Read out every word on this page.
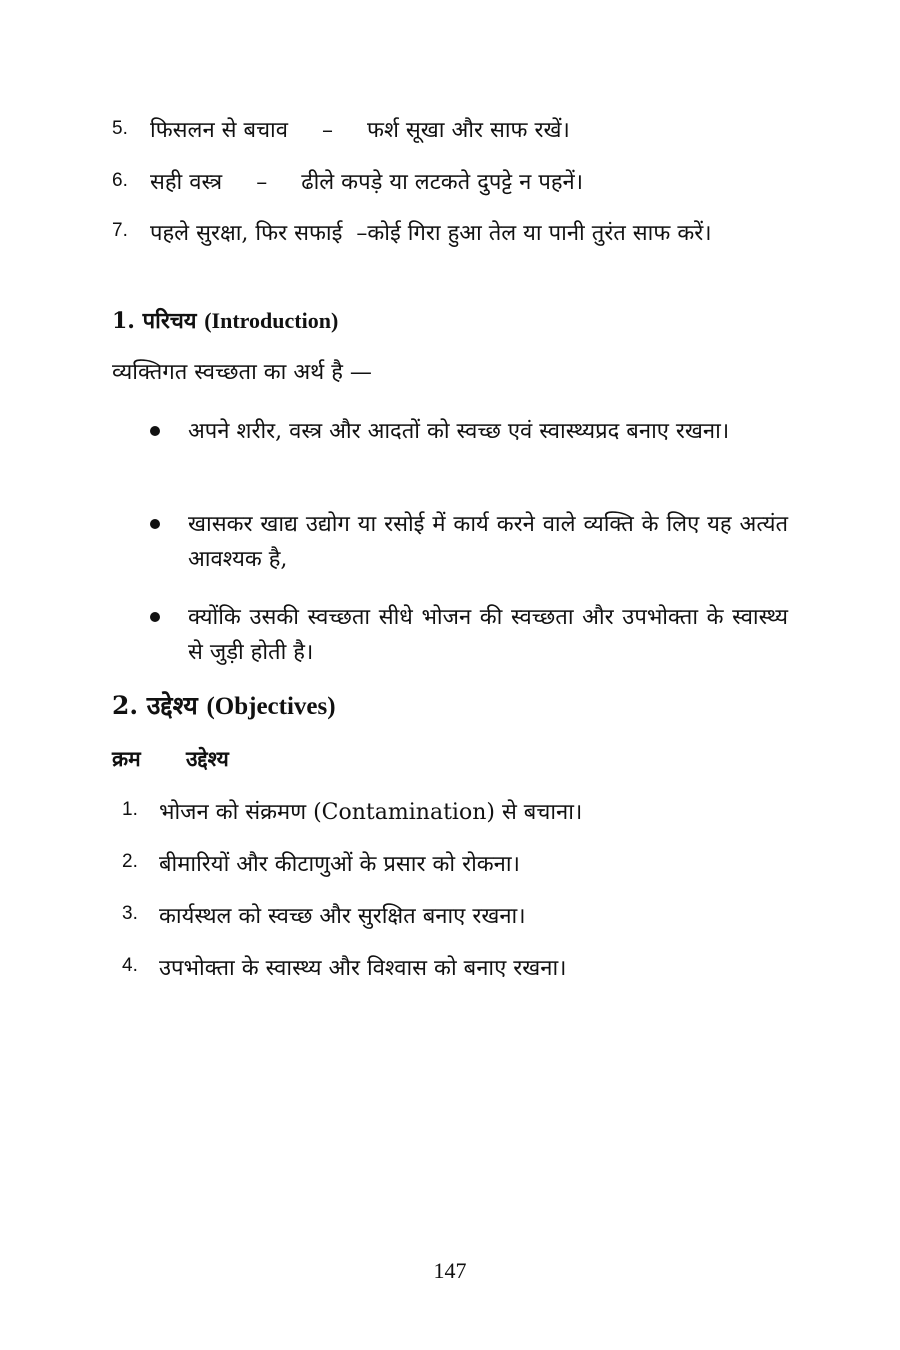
5. फिसलन से बचाव – फर्श सूखा और साफ रखें।
6. सही वस्त्र – ढीले कपड़े या लटकते दुपट्टे न पहनें।
7. पहले सुरक्षा, फिर सफाई –कोई गिरा हुआ तेल या पानी तुरंत साफ करें।
1. परिचय (Introduction)
व्यक्तिगत स्वच्छता का अर्थ है —
अपने शरीर, वस्त्र और आदतों को स्वच्छ एवं स्वास्थ्यप्रद बनाए रखना।
खासकर खाद्य उद्योग या रसोई में कार्य करने वाले व्यक्ति के लिए यह अत्यंत आवश्यक है,
क्योंकि उसकी स्वच्छता सीधे भोजन की स्वच्छता और उपभोक्ता के स्वास्थ्य से जुड़ी होती है।
2. उद्देश्य (Objectives)
क्रम उद्देश्य
1. भोजन को संक्रमण (Contamination) से बचाना।
2. बीमारियों और कीटाणुओं के प्रसार को रोकना।
3. कार्यस्थल को स्वच्छ और सुरक्षित बनाए रखना।
4. उपभोक्ता के स्वास्थ्य और विश्वास को बनाए रखना।
147
